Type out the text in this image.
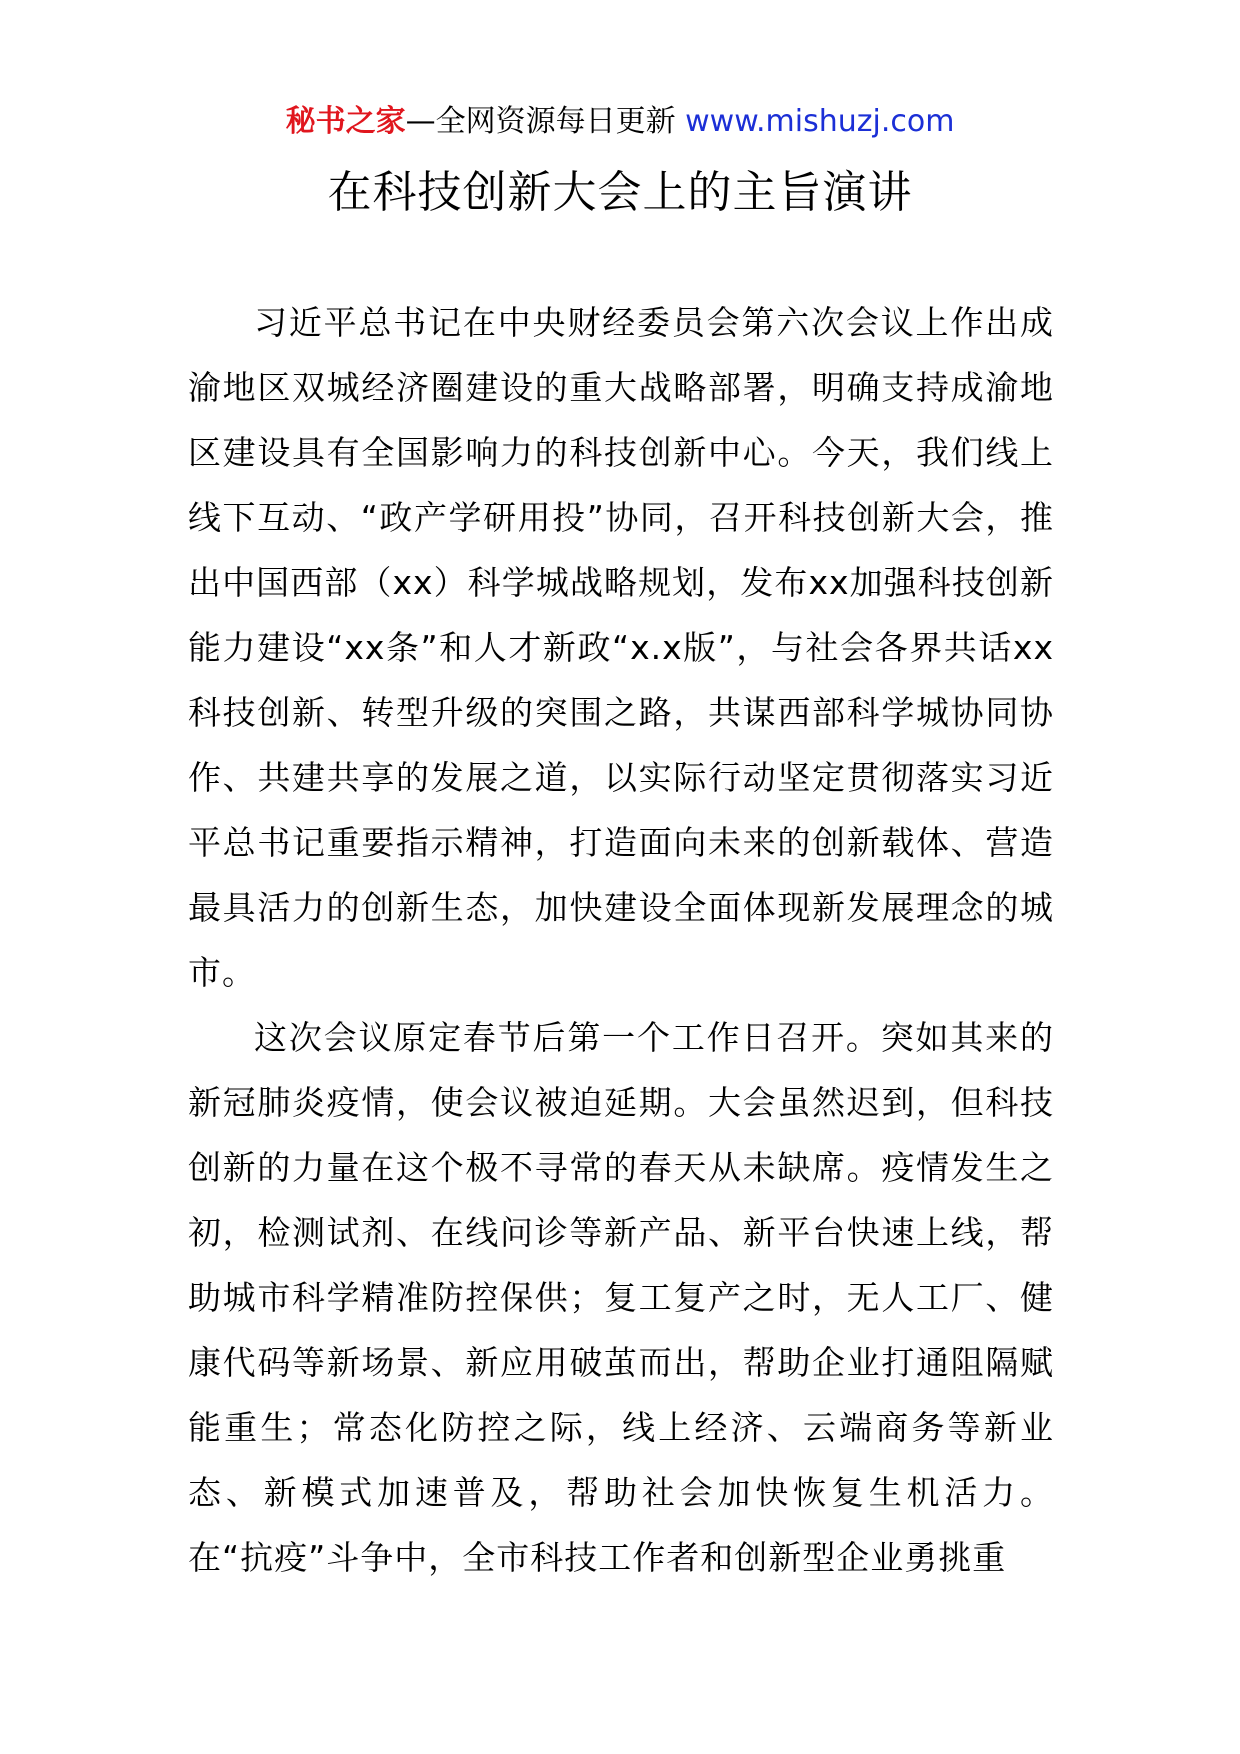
秘书之家—全网资源每日更新 www.mishuzj.com
在科技创新大会上的主旨演讲

习近平总书记在中央财经委员会第六次会议上作出成渝地区双城经济圈建设的重大战略部署，明确支持成渝地区建设具有全国影响力的科技创新中心。今天，我们线上线下互动、“政产学研用投”协同，召开科技创新大会，推出中国西部（xx）科学城战略规划，发布xx加强科技创新能力建设“xx条”和人才新政“x.x版”，与社会各界共话xx科技创新、转型升级的突围之路，共谋西部科学城协同协作、共建共享的发展之道，以实际行动坚定贯彻落实习近平总书记重要指示精神，打造面向未来的创新载体、营造最具活力的创新生态，加快建设全面体现新发展理念的城市。

这次会议原定春节后第一个工作日召开。突如其来的新冠肺炎疫情，使会议被迫延期。大会虽然迟到，但科技创新的力量在这个极不寻常的春天从未缺席。疫情发生之初，检测试剂、在线问诊等新产品、新平台快速上线，帮助城市科学精准防控保供；复工复产之时，无人工厂、健康代码等新场景、新应用破茧而出，帮助企业打通阻隔赋能重生；常态化防控之际，线上经济、云端商务等新业态、新模式加速普及，帮助社会加快恢复生机活力。在“抗疫”斗争中，全市科技工作者和创新型企业勇挑重
